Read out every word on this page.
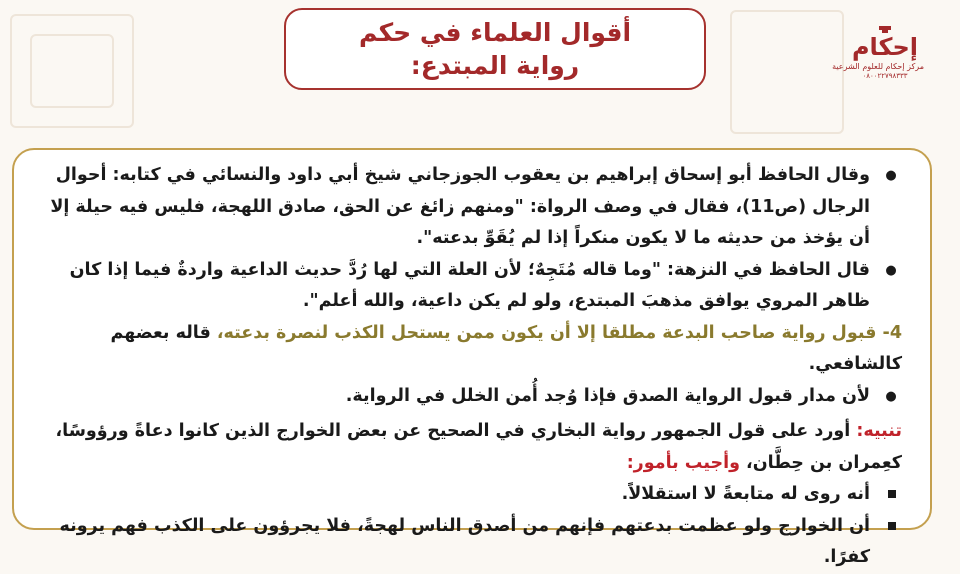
أقوال العلماء في حكم
رواية المبتدع:
إحكام
مركز إحكام للعلوم الشرعية
٠٨٠٠٢٢٧٩٨٣٣٣
●
وقال الحافظ أبو إسحاق إبراهيم بن يعقوب الجوزجاني شيخ أبي داود والنسائي في كتابه: أحوال الرجال (ص11)، فقال في وصف الرواة: "ومنهم زائغ عن الحق، صادق اللهجة، فليس فيه حيلة إلا أن يؤخذ من حديثه ما لا يكون منكراً إذا لم يُقَوِّ بدعته".
●
قال الحافظ في النزهة: "وما قاله مُتَجِهٌ؛ لأن العلة التي لها رُدَّ حديث الداعية واردةٌ فيما إذا كان ظاهر المروي يوافق مذهبَ المبتدع، ولو لم يكن داعية، والله أعلم".
4- قبول رواية صاحب البدعة مطلقا إلا أن يكون ممن يستحل الكذب لنصرة بدعته، قاله بعضهم كالشافعي.
●
لأن مدار قبول الرواية الصدق فإذا وُجد أُمن الخلل في الرواية.
تنبيه: أورد على قول الجمهور رواية البخاري في الصحيح عن بعض الخوارج الذين كانوا دعاةً ورؤوسًا، كعِمران بن حِطَّان، وأجيب بأمور:
أنه روى له متابعةً لا استقلالاً.
أن الخوارج ولو عظمت بدعتهم فإنهم من أصدق الناس لهجةً، فلا يجرؤون على الكذب فهم يرونه كفرًا.
